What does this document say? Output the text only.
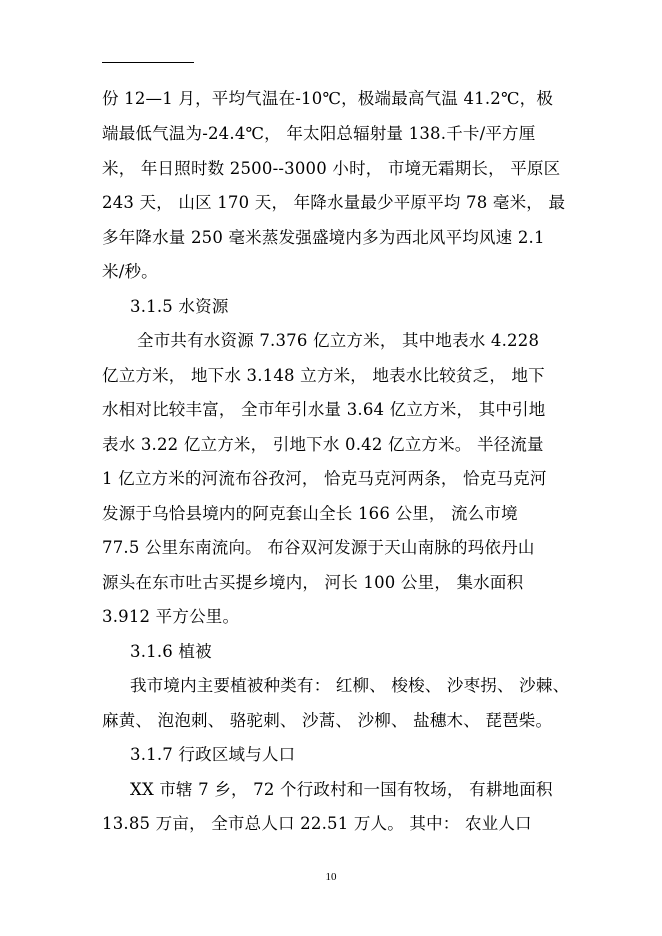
份 12—1 月，平均气温在-10℃，极端最高气温 41.2℃，极
端最低气温为-24.4℃， 年太阳总辐射量 138.千卡/平方厘
米， 年日照时数 2500--3000 小时， 市境无霜期长， 平原区
243 天， 山区 170 天， 年降水量最少平原平均 78 毫米， 最
多年降水量 250 毫米蒸发强盛境内多为西北风平均风速 2.1
米/秒。
3.1.5 水资源
全市共有水资源 7.376 亿立方米， 其中地表水 4.228
亿立方米， 地下水 3.148 立方米， 地表水比较贫乏， 地下
水相对比较丰富， 全市年引水量 3.64 亿立方米， 其中引地
表水 3.22 亿立方米， 引地下水 0.42 亿立方米。 半径流量
1 亿立方米的河流布谷孜河， 恰克马克河两条， 恰克马克河
发源于乌恰县境内的阿克套山全长 166 公里， 流么市境
77.5 公里东南流向。 布谷双河发源于天山南脉的玛依丹山
源头在东市吐古买提乡境内， 河长 100 公里， 集水面积
3.912 平方公里。
3.1.6 植被
我市境内主要植被种类有： 红柳、 梭梭、 沙枣拐、 沙棘、
麻黄、 泡泡刺、 骆驼刺、 沙蒿、 沙柳、 盐穗木、 琵琶柴。
3.1.7 行政区域与人口
XX 市辖 7 乡， 72 个行政村和一国有牧场， 有耕地面积
13.85 万亩， 全市总人口 22.51 万人。 其中： 农业人口
10
